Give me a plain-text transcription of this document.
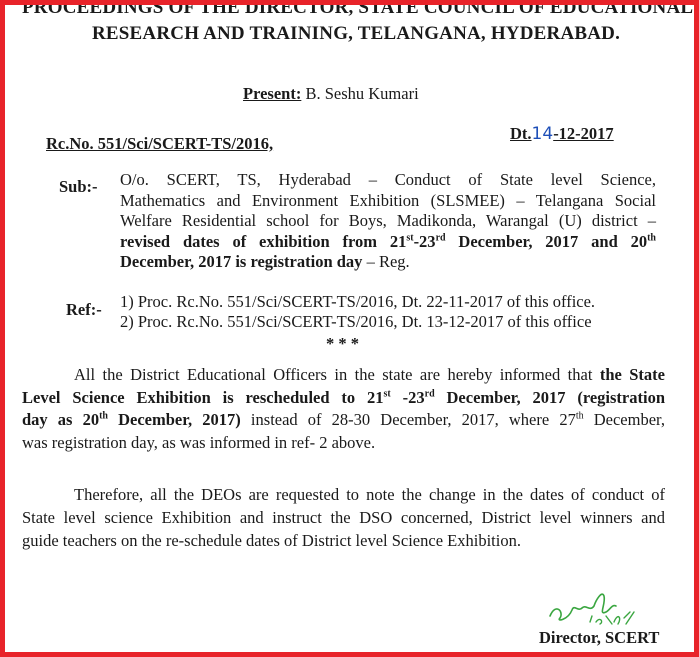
PROCEEDINGS OF THE DIRECTOR, STATE COUNCIL OF EDUCATIONAL
RESEARCH AND TRAINING, TELANGANA, HYDERABAD.
Present: B. Seshu Kumari
Rc.No. 551/Sci/SCERT-TS/2016,
Dt.14-12-2017
Sub:- O/o. SCERT, TS, Hyderabad – Conduct of State level Science,
Mathematics and Environment Exhibition (SLSMEE) – Telangana Social
Welfare Residential school for Boys, Madikonda, Warangal (U) district –
revised dates of exhibition from 21st-23rd December, 2017 and 20th
December, 2017 is registration day – Reg.
Ref:- 1) Proc. Rc.No. 551/Sci/SCERT-TS/2016, Dt. 22-11-2017 of this office.
2) Proc. Rc.No. 551/Sci/SCERT-TS/2016, Dt. 13-12-2017 of this office
* * *
All the District Educational Officers in the state are hereby informed that the State
Level Science Exhibition is rescheduled to 21st -23rd December, 2017 (registration
day as 20th December, 2017) instead of 28-30 December, 2017, where 27th December,
was registration day, as was informed in ref- 2 above.
Therefore, all the DEOs are requested to note the change in the dates of conduct of
State level science Exhibition and instruct the DSO concerned, District level winners and
guide teachers on the re-schedule dates of District level Science Exhibition.
Director, SCERT
